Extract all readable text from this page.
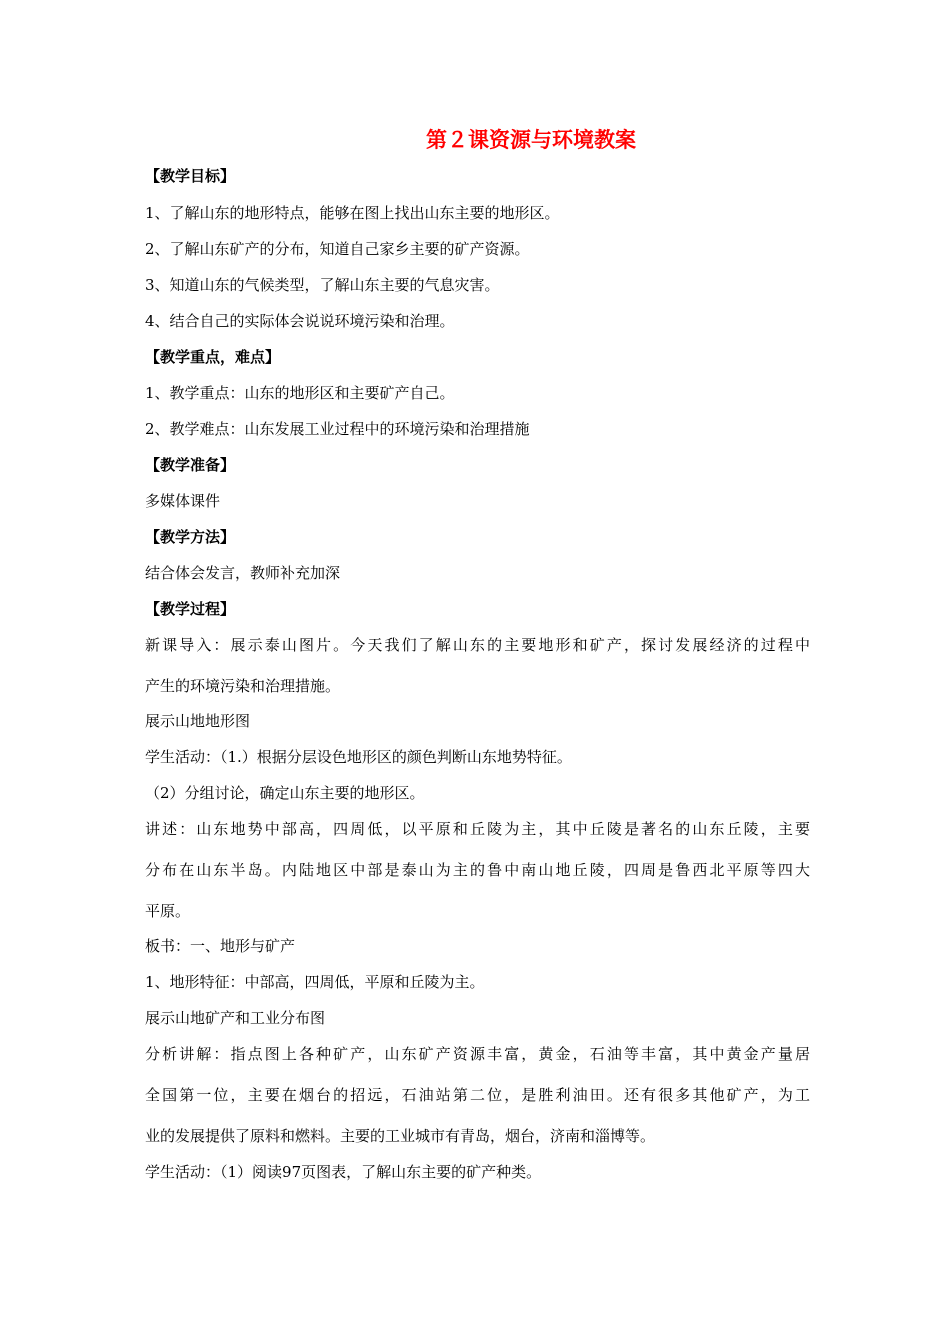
第２课资源与环境教案
【教学目标】
1、了解山东的地形特点，能够在图上找出山东主要的地形区。
2、了解山东矿产的分布，知道自己家乡主要的矿产资源。
3、知道山东的气候类型，了解山东主要的气息灾害。
4、结合自己的实际体会说说环境污染和治理。
【教学重点，难点】
1、教学重点：山东的地形区和主要矿产自己。
2、教学难点：山东发展工业过程中的环境污染和治理措施
【教学准备】
多媒体课件
【教学方法】
结合体会发言，教师补充加深
【教学过程】
新课导入：展示泰山图片。今天我们了解山东的主要地形和矿产，探讨发展经济的过程中
产生的环境污染和治理措施。
展示山地地形图
学生活动：（1.）根据分层设色地形区的颜色判断山东地势特征。
（2）分组讨论，确定山东主要的地形区。
讲述：山东地势中部高，四周低，以平原和丘陵为主，其中丘陵是著名的山东丘陵，主要
分布在山东半岛。内陆地区中部是泰山为主的鲁中南山地丘陵，四周是鲁西北平原等四大
平原。
板书：一、地形与矿产
1、地形特征：中部高，四周低，平原和丘陵为主。
展示山地矿产和工业分布图
分析讲解：指点图上各种矿产，山东矿产资源丰富，黄金，石油等丰富，其中黄金产量居
全国第一位，主要在烟台的招远，石油站第二位，是胜利油田。还有很多其他矿产，为工
业的发展提供了原料和燃料。主要的工业城市有青岛，烟台，济南和淄博等。
学生活动：（1）阅读97页图表，了解山东主要的矿产种类。
